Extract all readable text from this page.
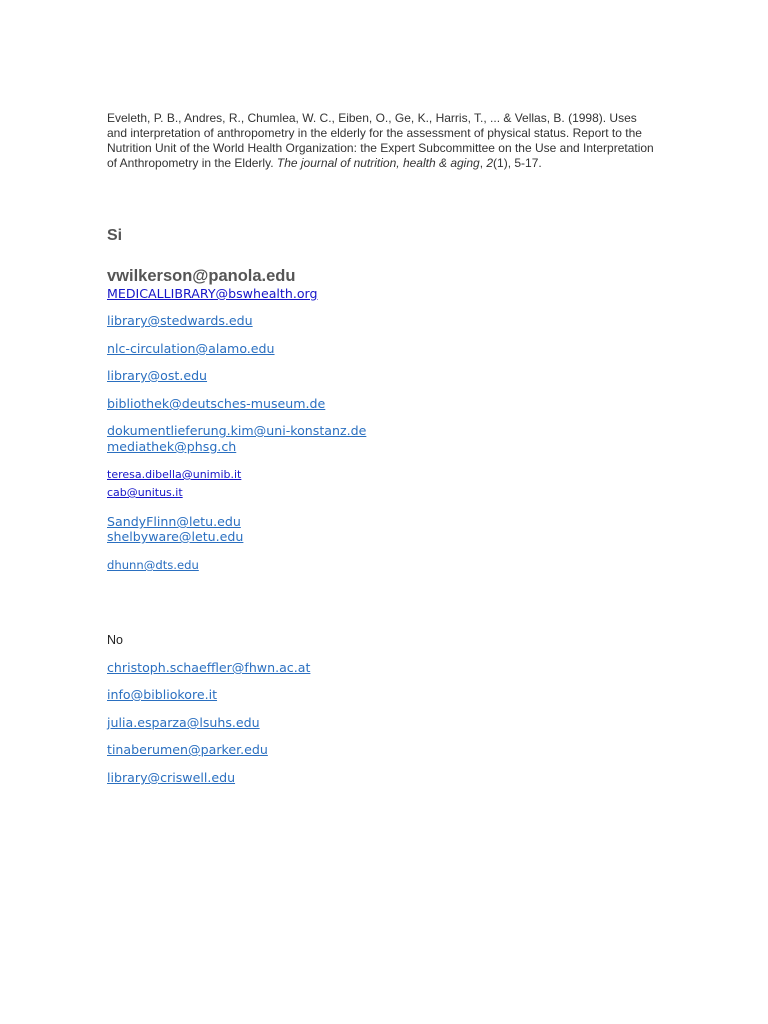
Eveleth, P. B., Andres, R., Chumlea, W. C., Eiben, O., Ge, K., Harris, T., ... & Vellas, B. (1998). Uses and interpretation of anthropometry in the elderly for the assessment of physical status. Report to the Nutrition Unit of the World Health Organization: the Expert Subcommittee on the Use and Interpretation of Anthropometry in the Elderly. The journal of nutrition, health & aging, 2(1), 5-17.

Si
vwilkerson@panola.edu
MEDICALLIBRARY@bswhealth.org
library@stedwards.edu
nlc-circulation@alamo.edu
library@ost.edu
bibliothek@deutsches-museum.de
dokumentlieferung.kim@uni-konstanz.de
mediathek@phsg.ch
teresa.dibella@unimib.it
cab@unitus.it
SandyFlinn@letu.edu
shelbyware@letu.edu
dhunn@dts.edu

No

christoph.schaeffler@fhwn.ac.at
info@bibliokore.it
julia.esparza@lsuhs.edu
tinaberumen@parker.edu
library@criswell.edu
